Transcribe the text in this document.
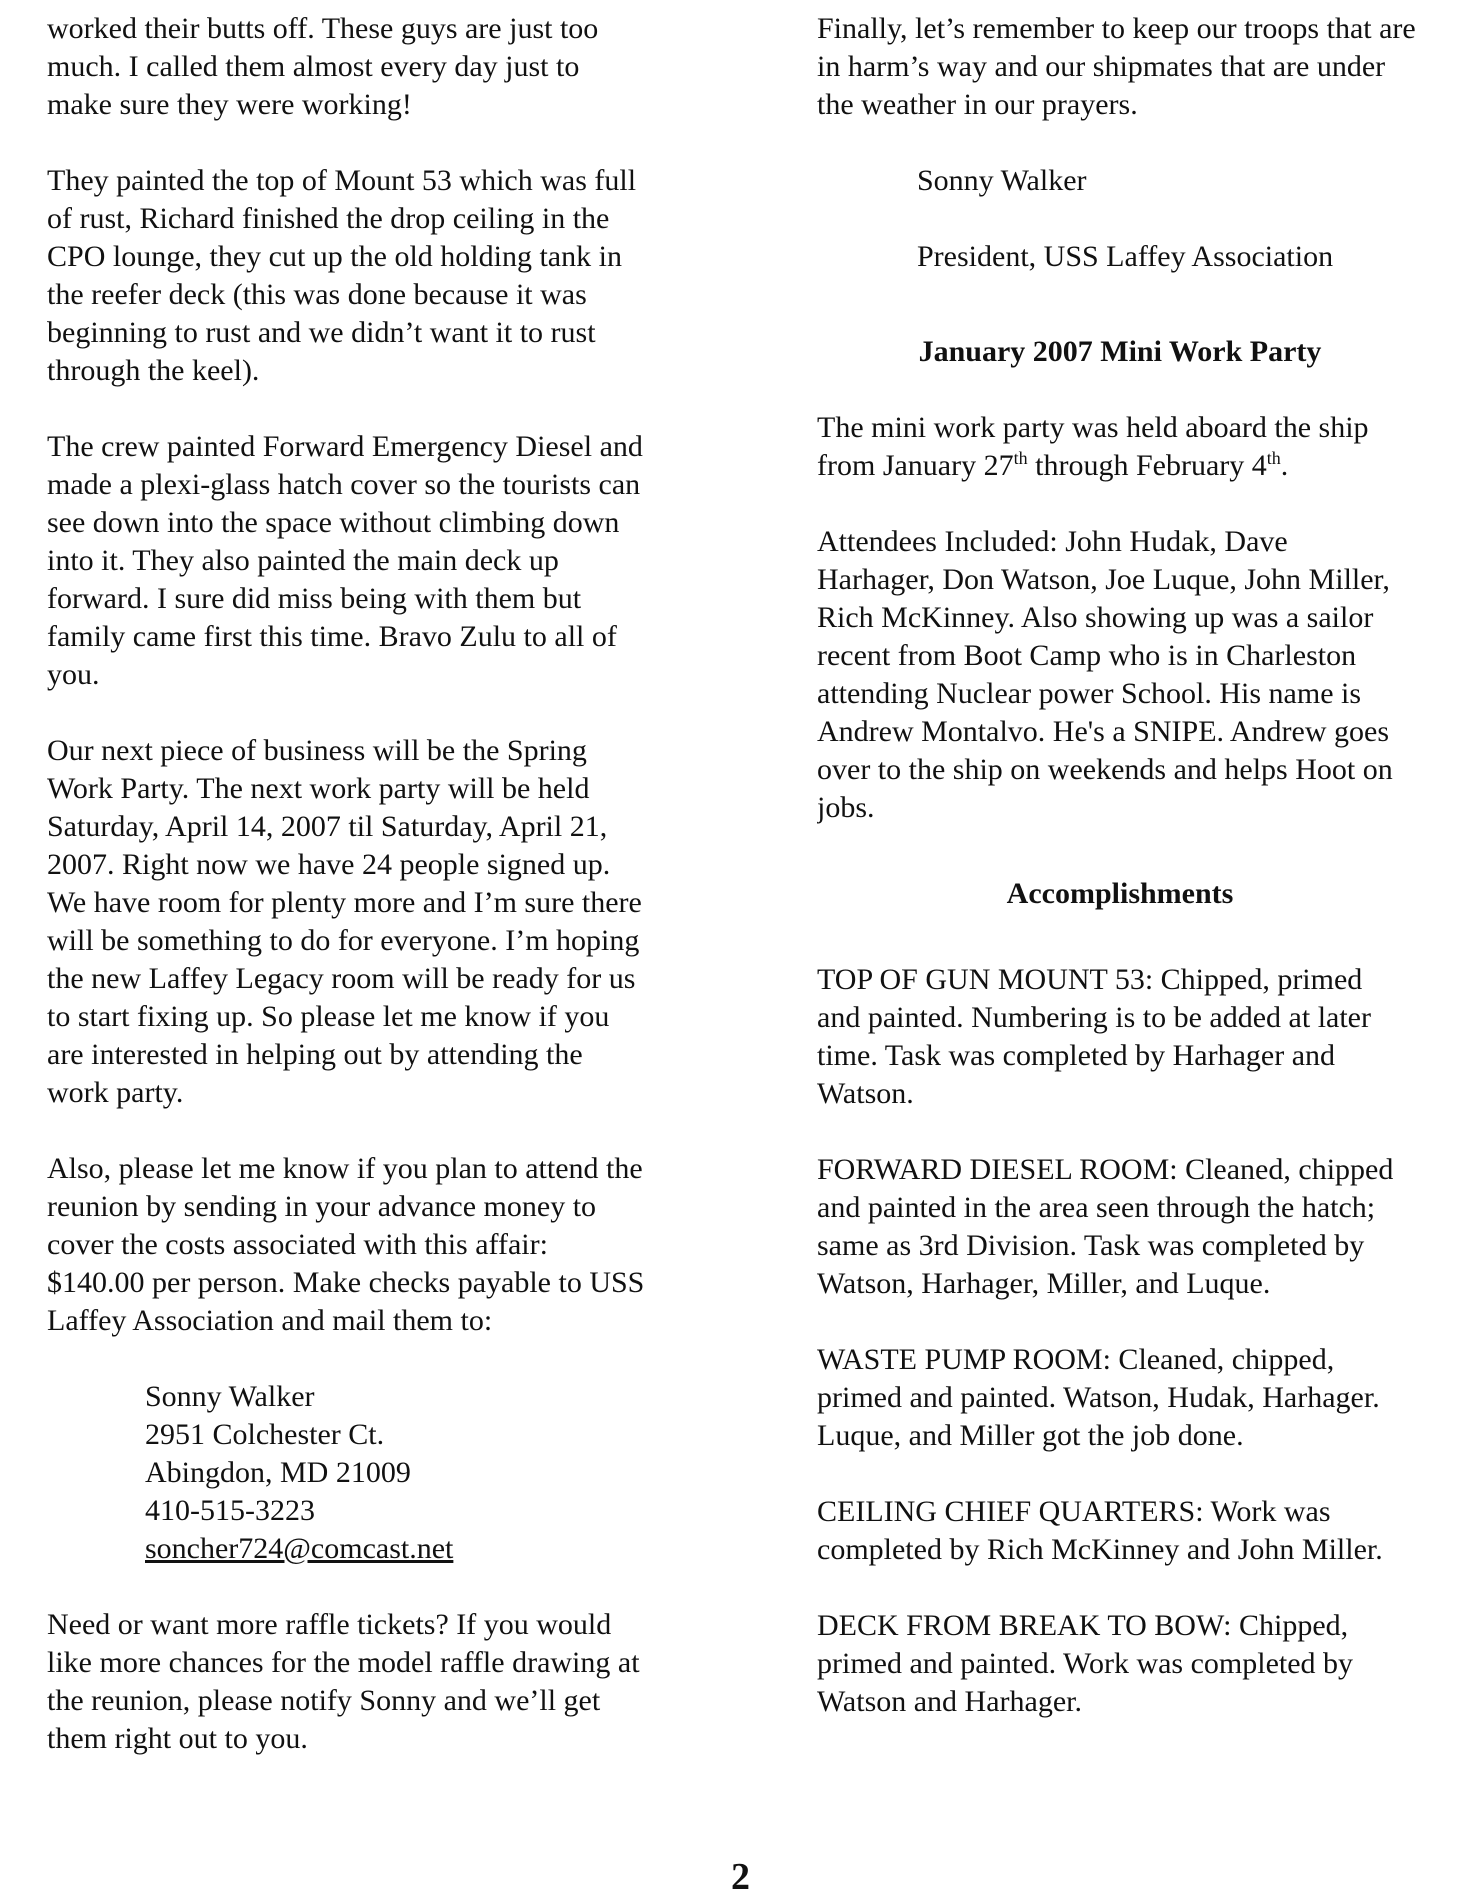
worked their butts off. These guys are just too
much. I called them almost every day just to
make sure they were working!

They painted the top of Mount 53 which was full
of rust, Richard finished the drop ceiling in the
CPO lounge, they cut up the old holding tank in
the reefer deck (this was done because it was
beginning to rust and we didn’t want it to rust
through the keel).

The crew painted Forward Emergency Diesel and
made a plexi-glass hatch cover so the tourists can
see down into the space without climbing down
into it. They also painted the main deck up
forward. I sure did miss being with them but
family came first this time. Bravo Zulu to all of
you.

Our next piece of business will be the Spring
Work Party. The next work party will be held
Saturday, April 14, 2007 til Saturday, April 21,
2007. Right now we have 24 people signed up.
We have room for plenty more and I’m sure there
will be something to do for everyone. I’m hoping
the new Laffey Legacy room will be ready for us
to start fixing up. So please let me know if you
are interested in helping out by attending the
work party.

Also, please let me know if you plan to attend the
reunion by sending in your advance money to
cover the costs associated with this affair:
$140.00 per person. Make checks payable to USS
Laffey Association and mail them to:

Sonny Walker
2951 Colchester Ct.
Abingdon, MD 21009
410-515-3223
soncher724@comcast.net

Need or want more raffle tickets? If you would
like more chances for the model raffle drawing at
the reunion, please notify Sonny and we’ll get
them right out to you.

Finally, let’s remember to keep our troops that are
in harm’s way and our shipmates that are under
the weather in our prayers.

Sonny Walker

President, USS Laffey Association

January 2007 Mini Work Party

The mini work party was held aboard the ship
from January 27th through February 4th.

Attendees Included: John Hudak, Dave
Harhager, Don Watson, Joe Luque, John Miller,
Rich McKinney. Also showing up was a sailor
recent from Boot Camp who is in Charleston
attending Nuclear power School. His name is
Andrew Montalvo. He's a SNIPE. Andrew goes
over to the ship on weekends and helps Hoot on
jobs.

Accomplishments

TOP OF GUN MOUNT 53: Chipped, primed
and painted. Numbering is to be added at later
time. Task was completed by Harhager and
Watson.

FORWARD DIESEL ROOM: Cleaned, chipped
and painted in the area seen through the hatch;
same as 3rd Division. Task was completed by
Watson, Harhager, Miller, and Luque.

WASTE PUMP ROOM: Cleaned, chipped,
primed and painted. Watson, Hudak, Harhager.
Luque, and Miller got the job done.

CEILING CHIEF QUARTERS: Work was
completed by Rich McKinney and John Miller.

DECK FROM BREAK TO BOW: Chipped,
primed and painted. Work was completed by
Watson and Harhager.

2
